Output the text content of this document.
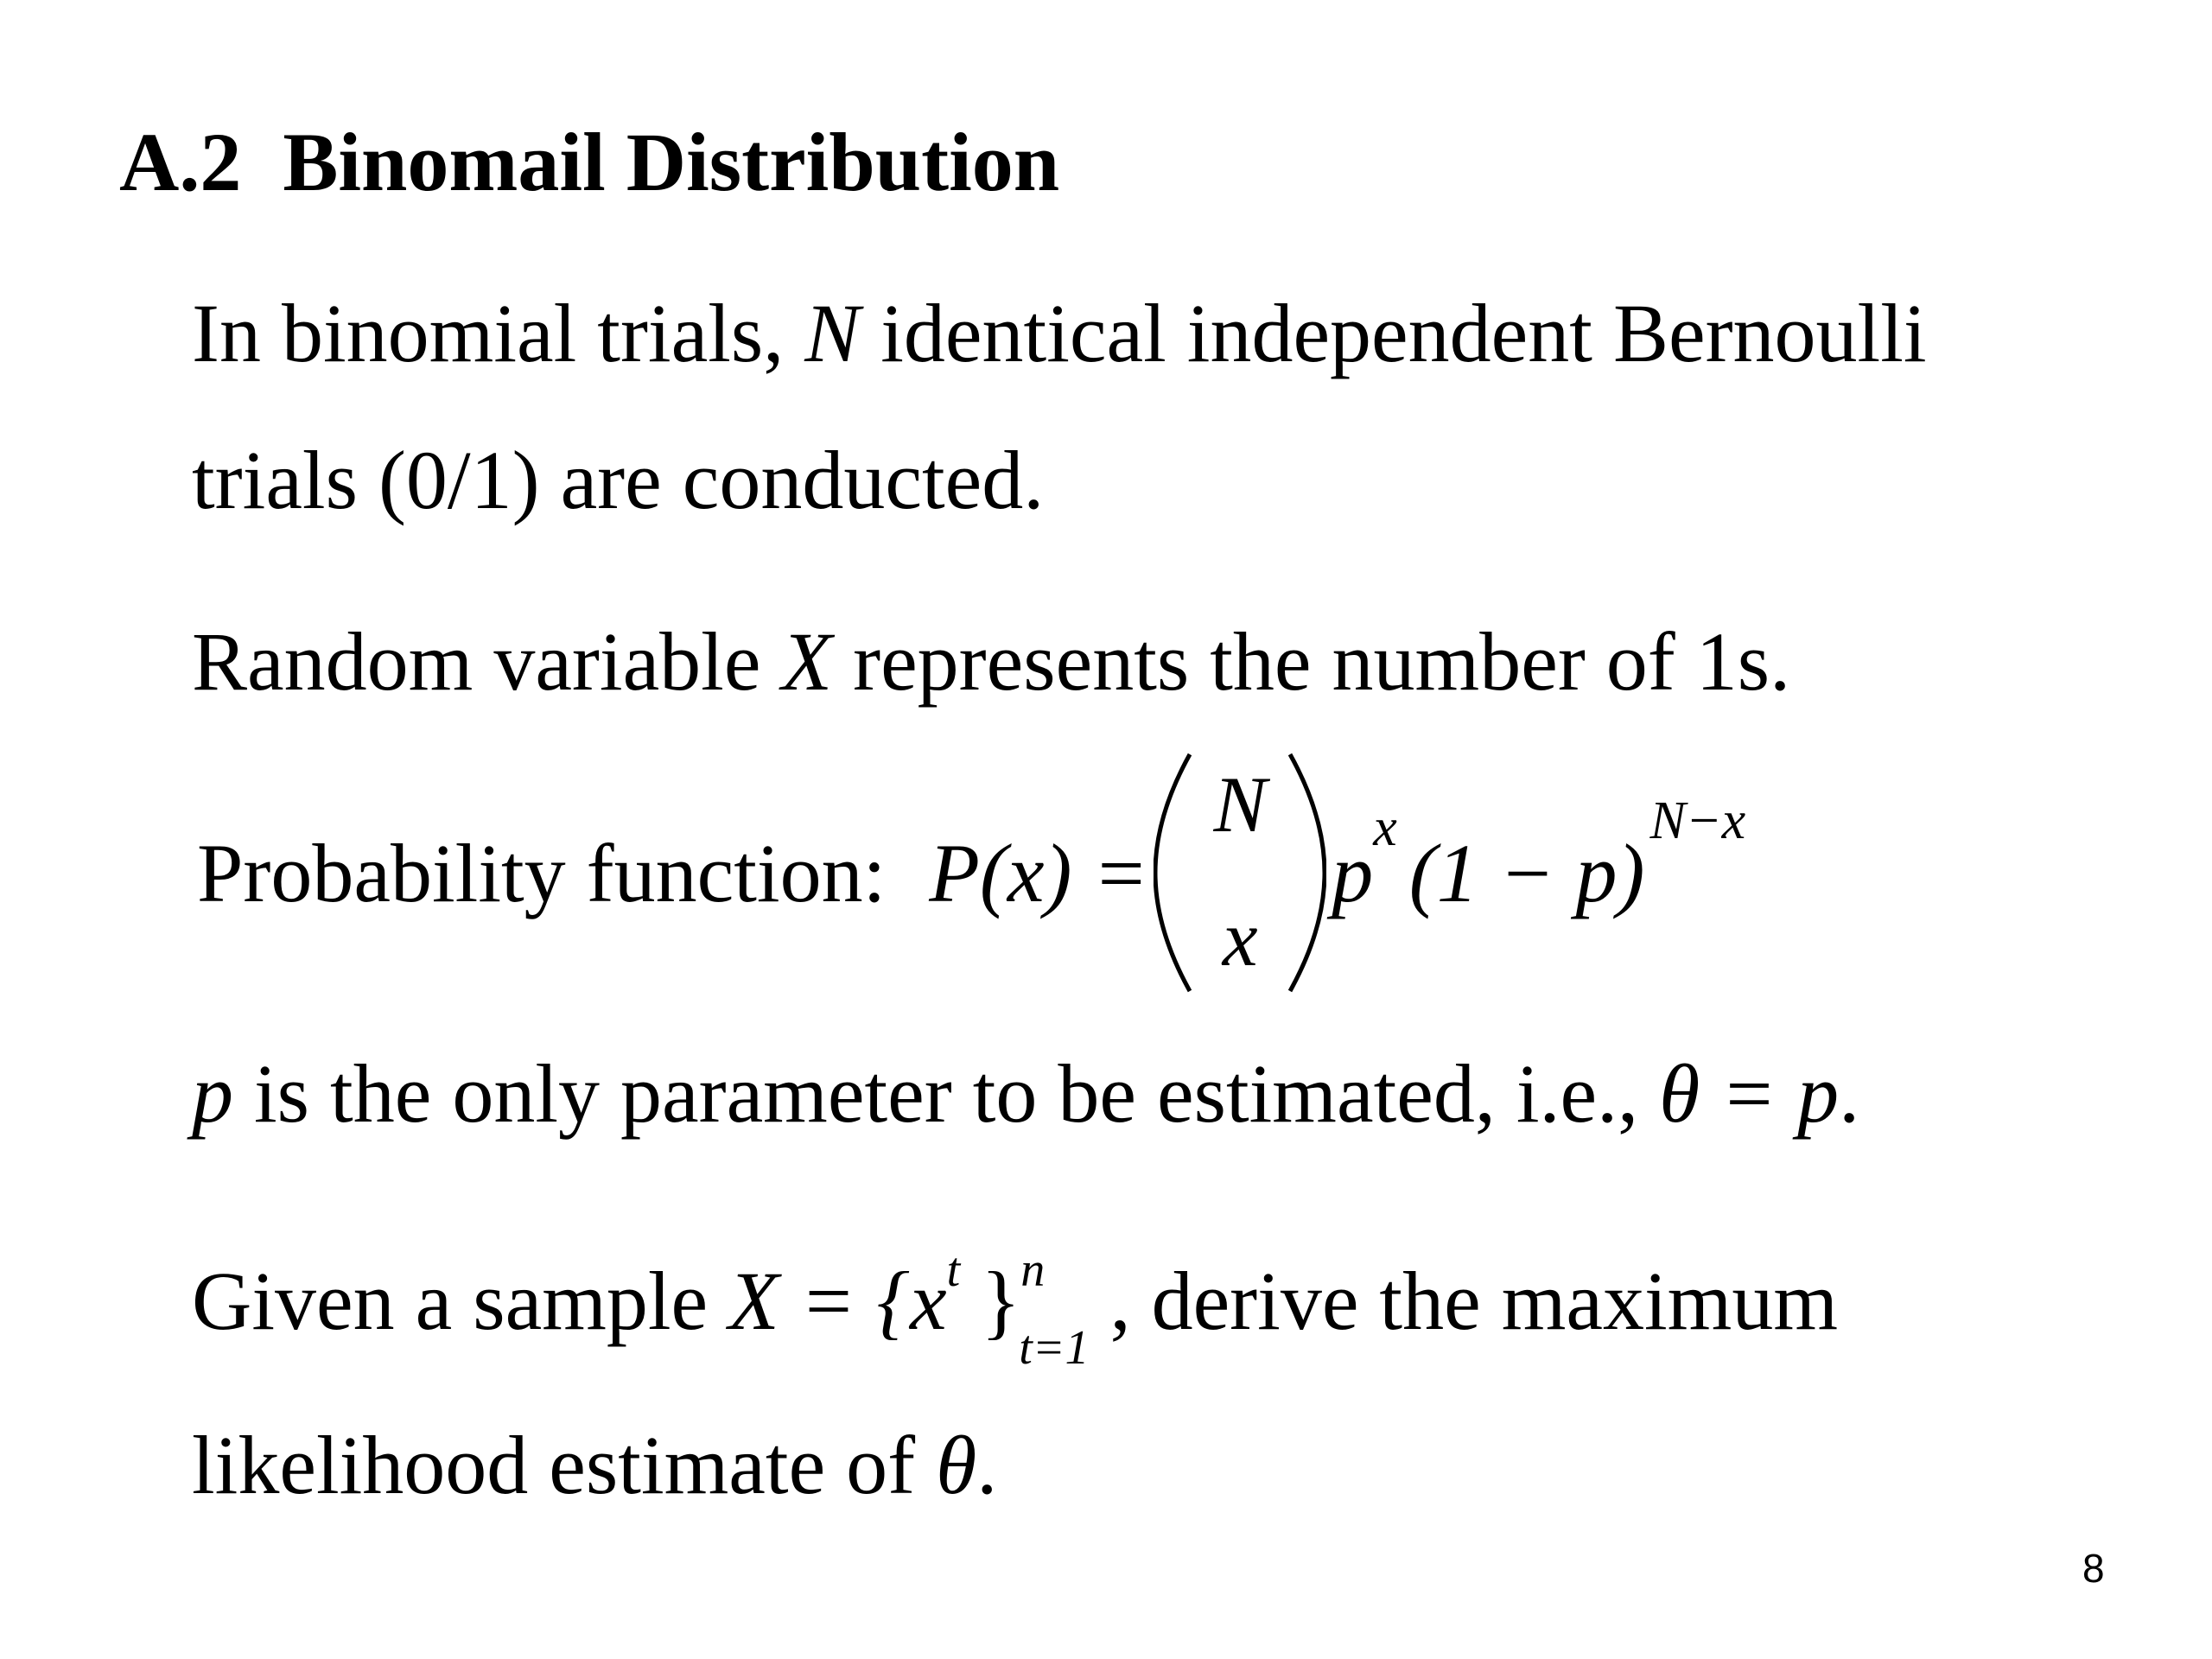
A.2 Binomail Distribution
In binomial trials, N identical independent Bernoulli
trials (0/1) are conducted.
Random variable X represents the number of 1s.
Probability function: P (x) =

N

x

$p^x$ (1 − p)
$^{N-x}$
p is the only parameter to be estimated, i.e., θ = p.
Given a sample $X = \{x^t$ }$^n_{t=1}$ , derive the maximum
likelihood estimate of θ.
8
